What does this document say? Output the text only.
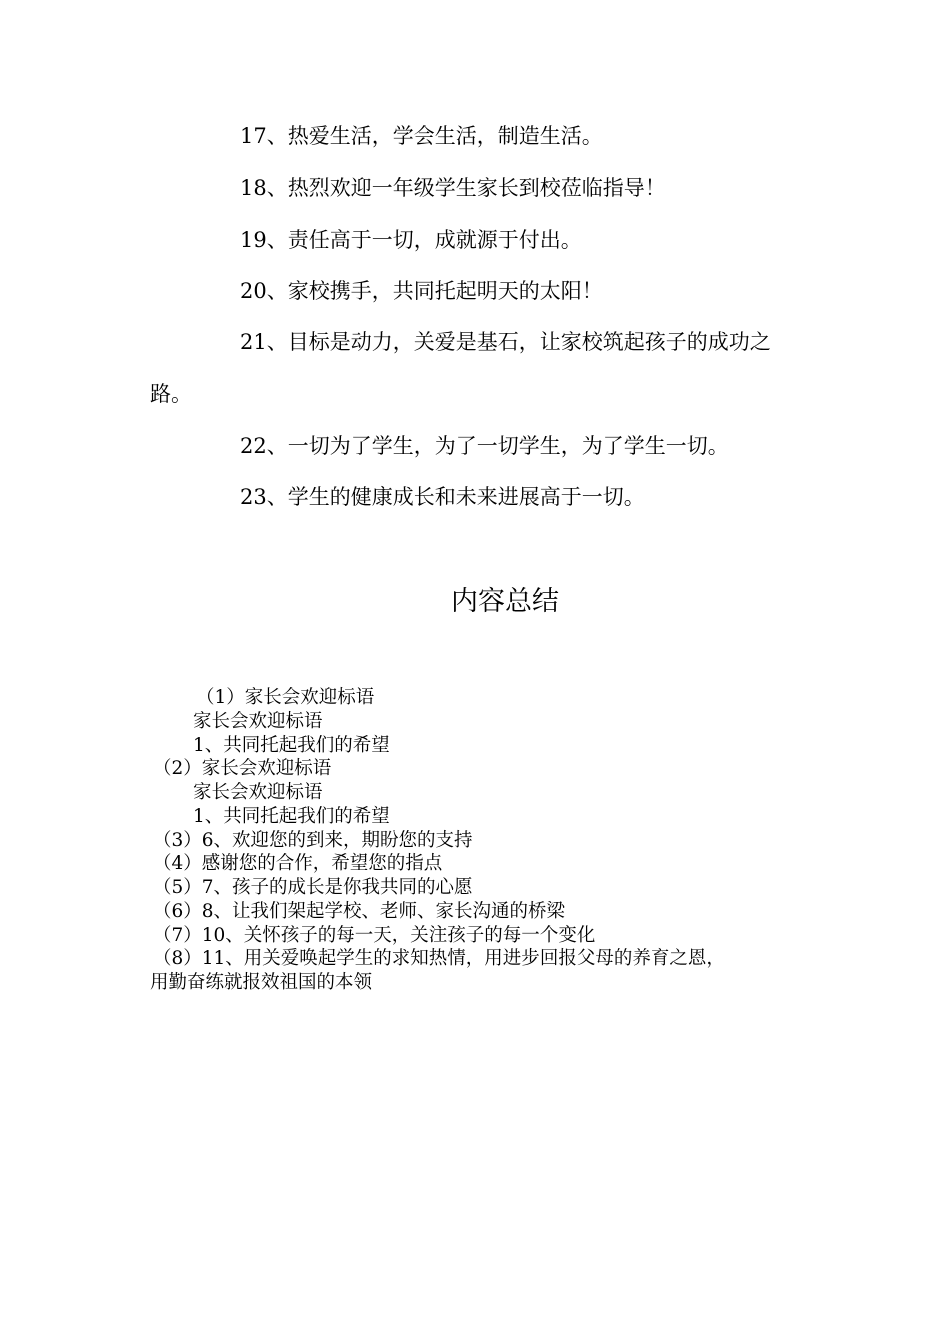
17、热爱生活，学会生活，制造生活。
18、热烈欢迎一年级学生家长到校莅临指导！
19、责任高于一切，成就源于付出。
20、家校携手，共同托起明天的太阳！
21、目标是动力，关爱是基石，让家校筑起孩子的成功之
路。
22、一切为了学生，为了一切学生，为了学生一切。
23、学生的健康成长和未来进展高于一切。
内容总结
（1）家长会欢迎标语
家长会欢迎标语
1、共同托起我们的希望
（2）家长会欢迎标语
家长会欢迎标语
1、共同托起我们的希望
（3）6、欢迎您的到来，期盼您的支持
（4）感谢您的合作，希望您的指点
（5）7、孩子的成长是你我共同的心愿
（6）8、让我们架起学校、老师、家长沟通的桥梁
（7）10、关怀孩子的每一天，关注孩子的每一个变化
（8）11、用关爱唤起学生的求知热情，用进步回报父母的养育之恩，
用勤奋练就报效祖国的本领
